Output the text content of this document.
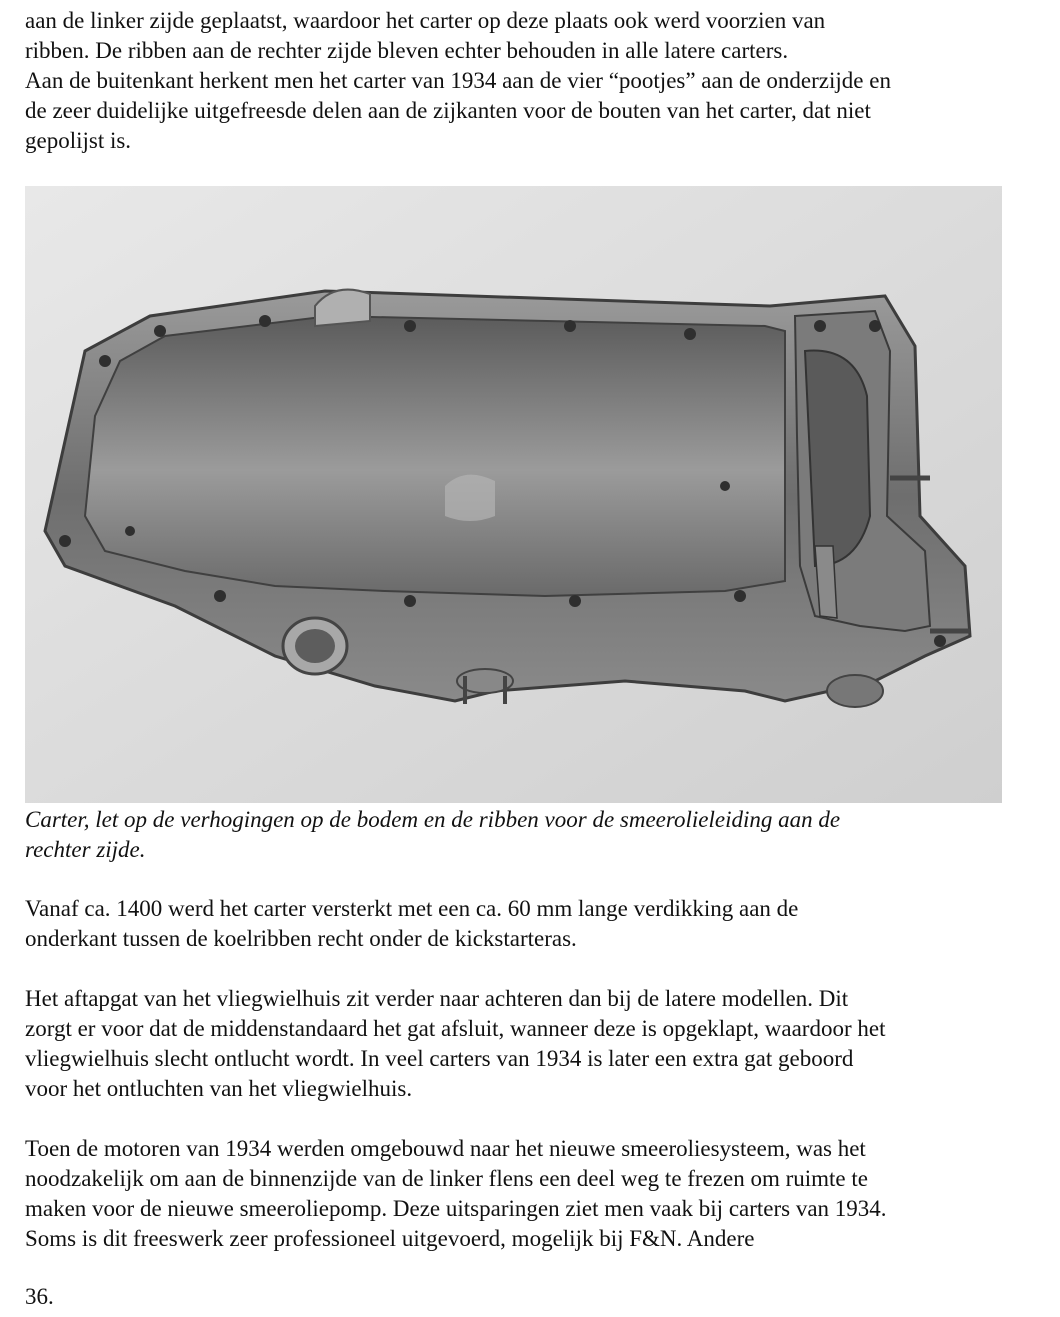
aan de linker zijde geplaatst, waardoor het carter op deze plaats ook werd voorzien van

ribben. De ribben aan de rechter zijde bleven echter behouden in alle latere carters.

Aan de buitenkant herkent men het carter van 1934 aan de vier “pootjes” aan de onderzijde en

de zeer duidelijke uitgefreesde delen aan de zijkanten voor de bouten van het carter, dat niet

gepolijst is.

Carter, let op de verhogingen op de bodem en de ribben voor de smeerolieleiding aan de

rechter zijde.

Vanaf ca. 1400 werd het carter versterkt met een ca. 60 mm lange verdikking aan de

onderkant tussen de koelribben recht onder de kickstarteras.

Het aftapgat van het vliegwielhuis zit verder naar achteren dan bij de latere modellen. Dit

zorgt er voor dat de middenstandaard het gat afsluit, wanneer deze is opgeklapt, waardoor het

vliegwielhuis slecht ontlucht wordt. In veel carters van 1934 is later een extra gat geboord

voor het ontluchten van het vliegwielhuis.

Toen de motoren van 1934 werden omgebouwd naar het nieuwe smeeroliesysteem, was het

noodzakelijk om aan de binnenzijde van de linker flens een deel weg te frezen om ruimte te

maken voor de nieuwe smeeroliepomp. Deze uitsparingen ziet men vaak bij carters van 1934.

Soms is dit freeswerk zeer professioneel uitgevoerd, mogelijk bij F&N. Andere

36.
